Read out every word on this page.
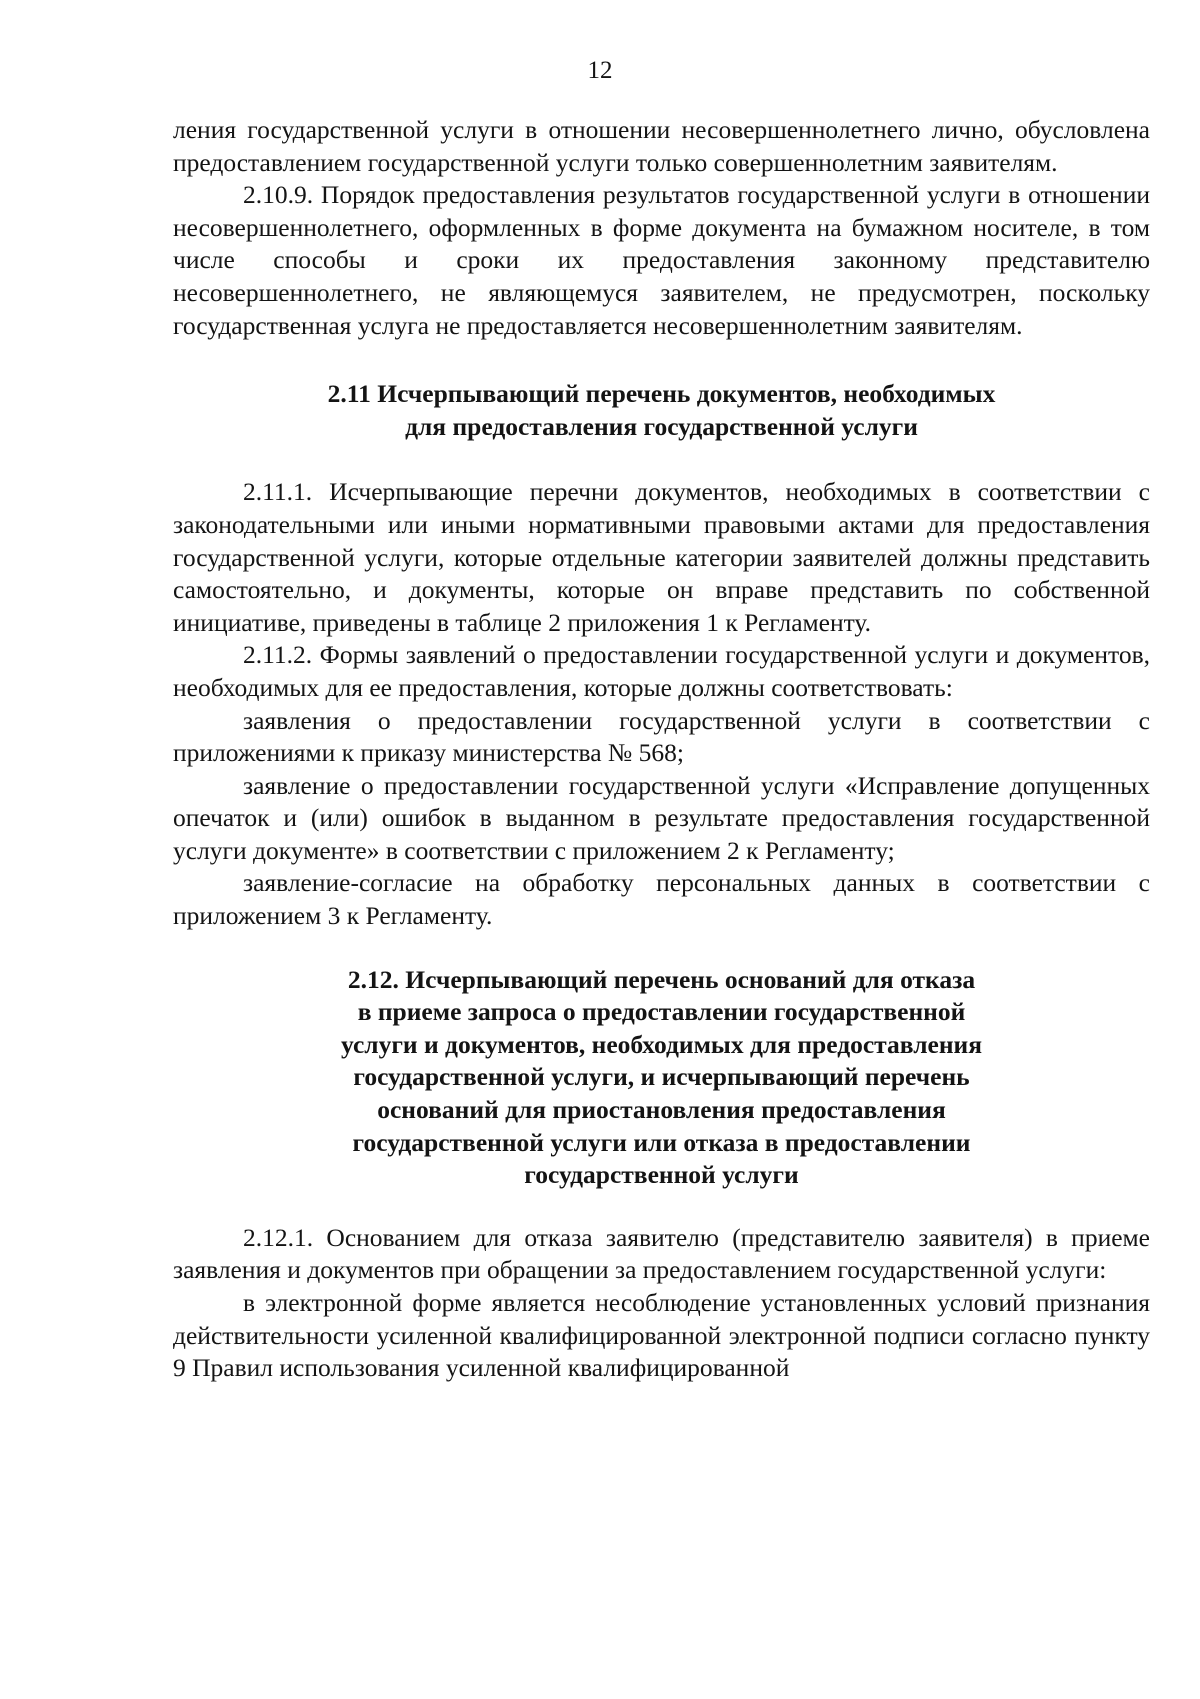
12

ления государственной услуги в отношении несовершеннолетнего лично, обусловлена предоставлением государственной услуги только совершеннолетним заявителям.

2.10.9. Порядок предоставления результатов государственной услуги в отношении несовершеннолетнего, оформленных в форме документа на бумажном носителе, в том числе способы и сроки их предоставления законному представителю несовершеннолетнего, не являющемуся заявителем, не предусмотрен, поскольку государственная услуга не предоставляется несовершеннолетним заявителям.

2.11 Исчерпывающий перечень документов, необходимых
для предоставления государственной услуги

2.11.1. Исчерпывающие перечни документов, необходимых в соответствии с законодательными или иными нормативными правовыми актами для предоставления государственной услуги, которые отдельные категории заявителей должны представить самостоятельно, и документы, которые он вправе представить по собственной инициативе, приведены в таблице 2 приложения 1 к Регламенту.

2.11.2. Формы заявлений о предоставлении государственной услуги и документов, необходимых для ее предоставления, которые должны соответствовать:

заявления о предоставлении государственной услуги в соответствии с приложениями к приказу министерства № 568;

заявление о предоставлении государственной услуги «Исправление допущенных опечаток и (или) ошибок в выданном в результате предоставления государственной услуги документе» в соответствии с приложением 2 к Регламенту;

заявление-согласие на обработку персональных данных в соответствии с приложением 3 к Регламенту.

2.12. Исчерпывающий перечень оснований для отказа
в приеме запроса о предоставлении государственной
услуги и документов, необходимых для предоставления
государственной услуги, и исчерпывающий перечень
оснований для приостановления предоставления
государственной услуги или отказа в предоставлении
государственной услуги

2.12.1. Основанием для отказа заявителю (представителю заявителя) в приеме заявления и документов при обращении за предоставлением государственной услуги:

в электронной форме является несоблюдение установленных условий признания действительности усиленной квалифицированной электронной подписи согласно пункту 9 Правил использования усиленной квалифицированной
